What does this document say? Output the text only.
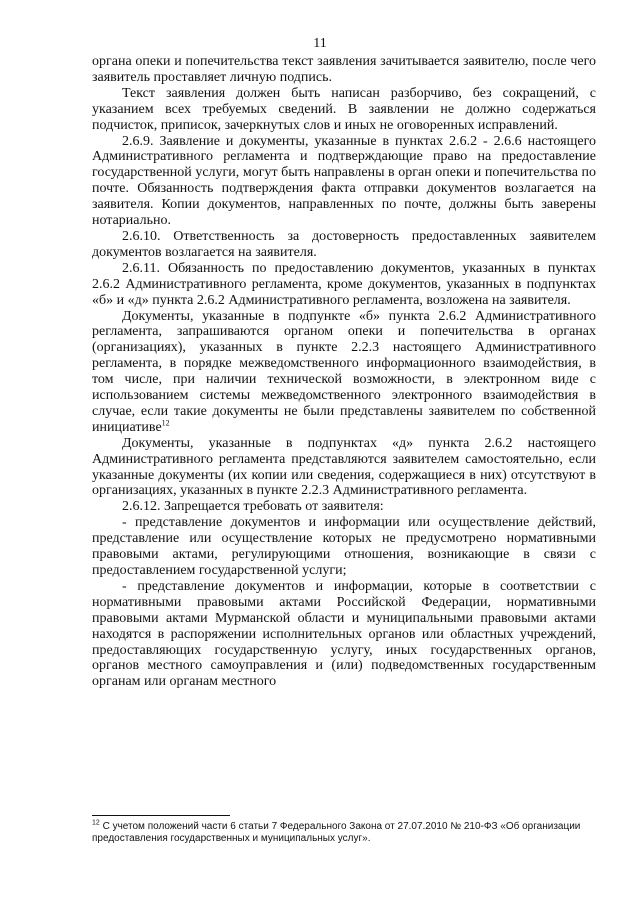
11

органа опеки и попечительства текст заявления зачитывается заявителю, после чего заявитель проставляет личную подпись.

Текст заявления должен быть написан разборчиво, без сокращений, с указанием всех требуемых сведений. В заявлении не должно содержаться подчисток, приписок, зачеркнутых слов и иных не оговоренных исправлений.

2.6.9. Заявление и документы, указанные в пунктах 2.6.2 - 2.6.6 настоящего Административного регламента и подтверждающие право на предоставление государственной услуги, могут быть направлены в орган опеки и попечительства по почте. Обязанность подтверждения факта отправки документов возлагается на заявителя. Копии документов, направленных по почте, должны быть заверены нотариально.

2.6.10. Ответственность за достоверность предоставленных заявителем документов возлагается на заявителя.

2.6.11. Обязанность по предоставлению документов, указанных в пунктах 2.6.2 Административного регламента, кроме документов, указанных в подпунктах «б» и «д» пункта 2.6.2 Административного регламента, возложена на заявителя.

Документы, указанные в подпункте «б» пункта 2.6.2 Административного регламента, запрашиваются органом опеки и попечительства в органах (организациях), указанных в пункте 2.2.3 настоящего Административного регламента, в порядке межведомственного информационного взаимодействия, в том числе, при наличии технической возможности, в электронном виде с использованием системы межведомственного электронного взаимодействия в случае, если такие документы не были представлены заявителем по собственной инициативе$^{12}$

Документы, указанные в подпунктах «д» пункта 2.6.2 настоящего Административного регламента представляются заявителем самостоятельно, если указанные документы (их копии или сведения, содержащиеся в них) отсутствуют в организациях, указанных в пункте 2.2.3 Административного регламента.

2.6.12. Запрещается требовать от заявителя:

- представление документов и информации или осуществление действий, представление или осуществление которых не предусмотрено нормативными правовыми актами, регулирующими отношения, возникающие в связи с предоставлением государственной услуги;

- представление документов и информации, которые в соответствии с нормативными правовыми актами Российской Федерации, нормативными правовыми актами Мурманской области и муниципальными правовыми актами находятся в распоряжении исполнительных органов или областных учреждений, предоставляющих государственную услугу, иных государственных органов, органов местного самоуправления и (или) подведомственных государственным органам или органам местного

$^{12}$ С учетом положений части 6 статьи 7 Федерального Закона от 27.07.2010 № 210-ФЗ «Об организации предоставления государственных и муниципальных услуг».
